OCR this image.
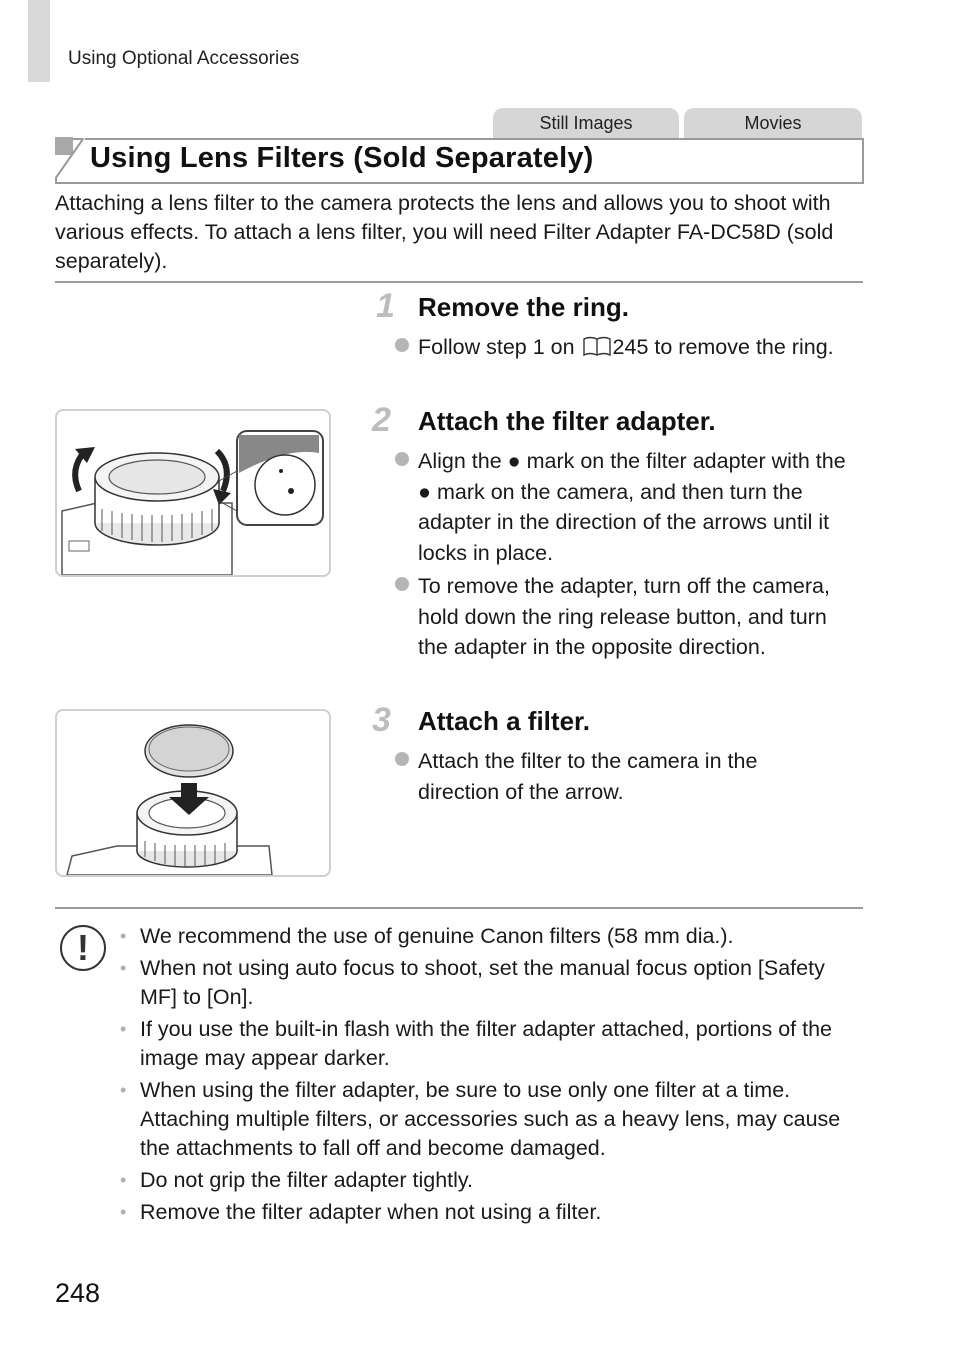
Using Optional Accessories
Still Images	Movies
Using Lens Filters (Sold Separately)
Attaching a lens filter to the camera protects the lens and allows you to shoot with various effects. To attach a lens filter, you will need Filter Adapter FA-DC58D (sold separately).
1 Remove the ring.
Follow step 1 on 245 to remove the ring.
2 Attach the filter adapter.
Align the ● mark on the filter adapter with the ● mark on the camera, and then turn the adapter in the direction of the arrows until it locks in place.
To remove the adapter, turn off the camera, hold down the ring release button, and turn the adapter in the opposite direction.
3 Attach a filter.
Attach the filter to the camera in the direction of the arrow.
!	• We recommend the use of genuine Canon filters (58 mm dia.).
• When not using auto focus to shoot, set the manual focus option [Safety MF] to [On].
• If you use the built-in flash with the filter adapter attached, portions of the image may appear darker.
• When using the filter adapter, be sure to use only one filter at a time. Attaching multiple filters, or accessories such as a heavy lens, may cause the attachments to fall off and become damaged.
• Do not grip the filter adapter tightly.
• Remove the filter adapter when not using a filter.
248
